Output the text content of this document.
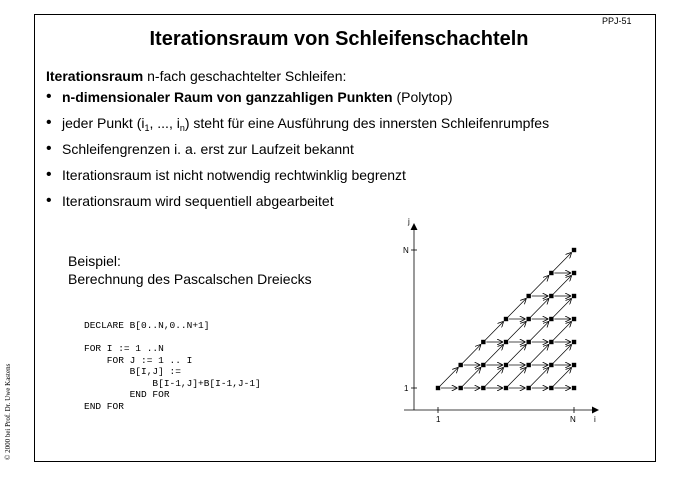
PPJ-51
Iterationsraum von Schleifenschachteln
Iterationsraum n-fach geschachtelter Schleifen:
• n-dimensionaler Raum von ganzzahligen Punkten (Polytop)
• jeder Punkt ($i_1$, ..., $i_n$) steht für eine Ausführung des innersten Schleifenrumpfes
• Schleifengrenzen i. a. erst zur Laufzeit bekannt
• Iterationsraum ist nicht notwendig rechtwinklig begrenzt
• Iterationsraum wird sequentiell abgearbeitet
Beispiel:
Berechnung des Pascalschen Dreiecks
DECLARE B[0..N,0..N+1]

FOR I := 1 ..N
FOR J := 1 .. I
B[I,J] :=
B[I-1,J]+B[I-1,J-1]
END FOR
END FOR
© 2000 bei Prof. Dr. Uwe Kastens
j
i
1
N
1	N
